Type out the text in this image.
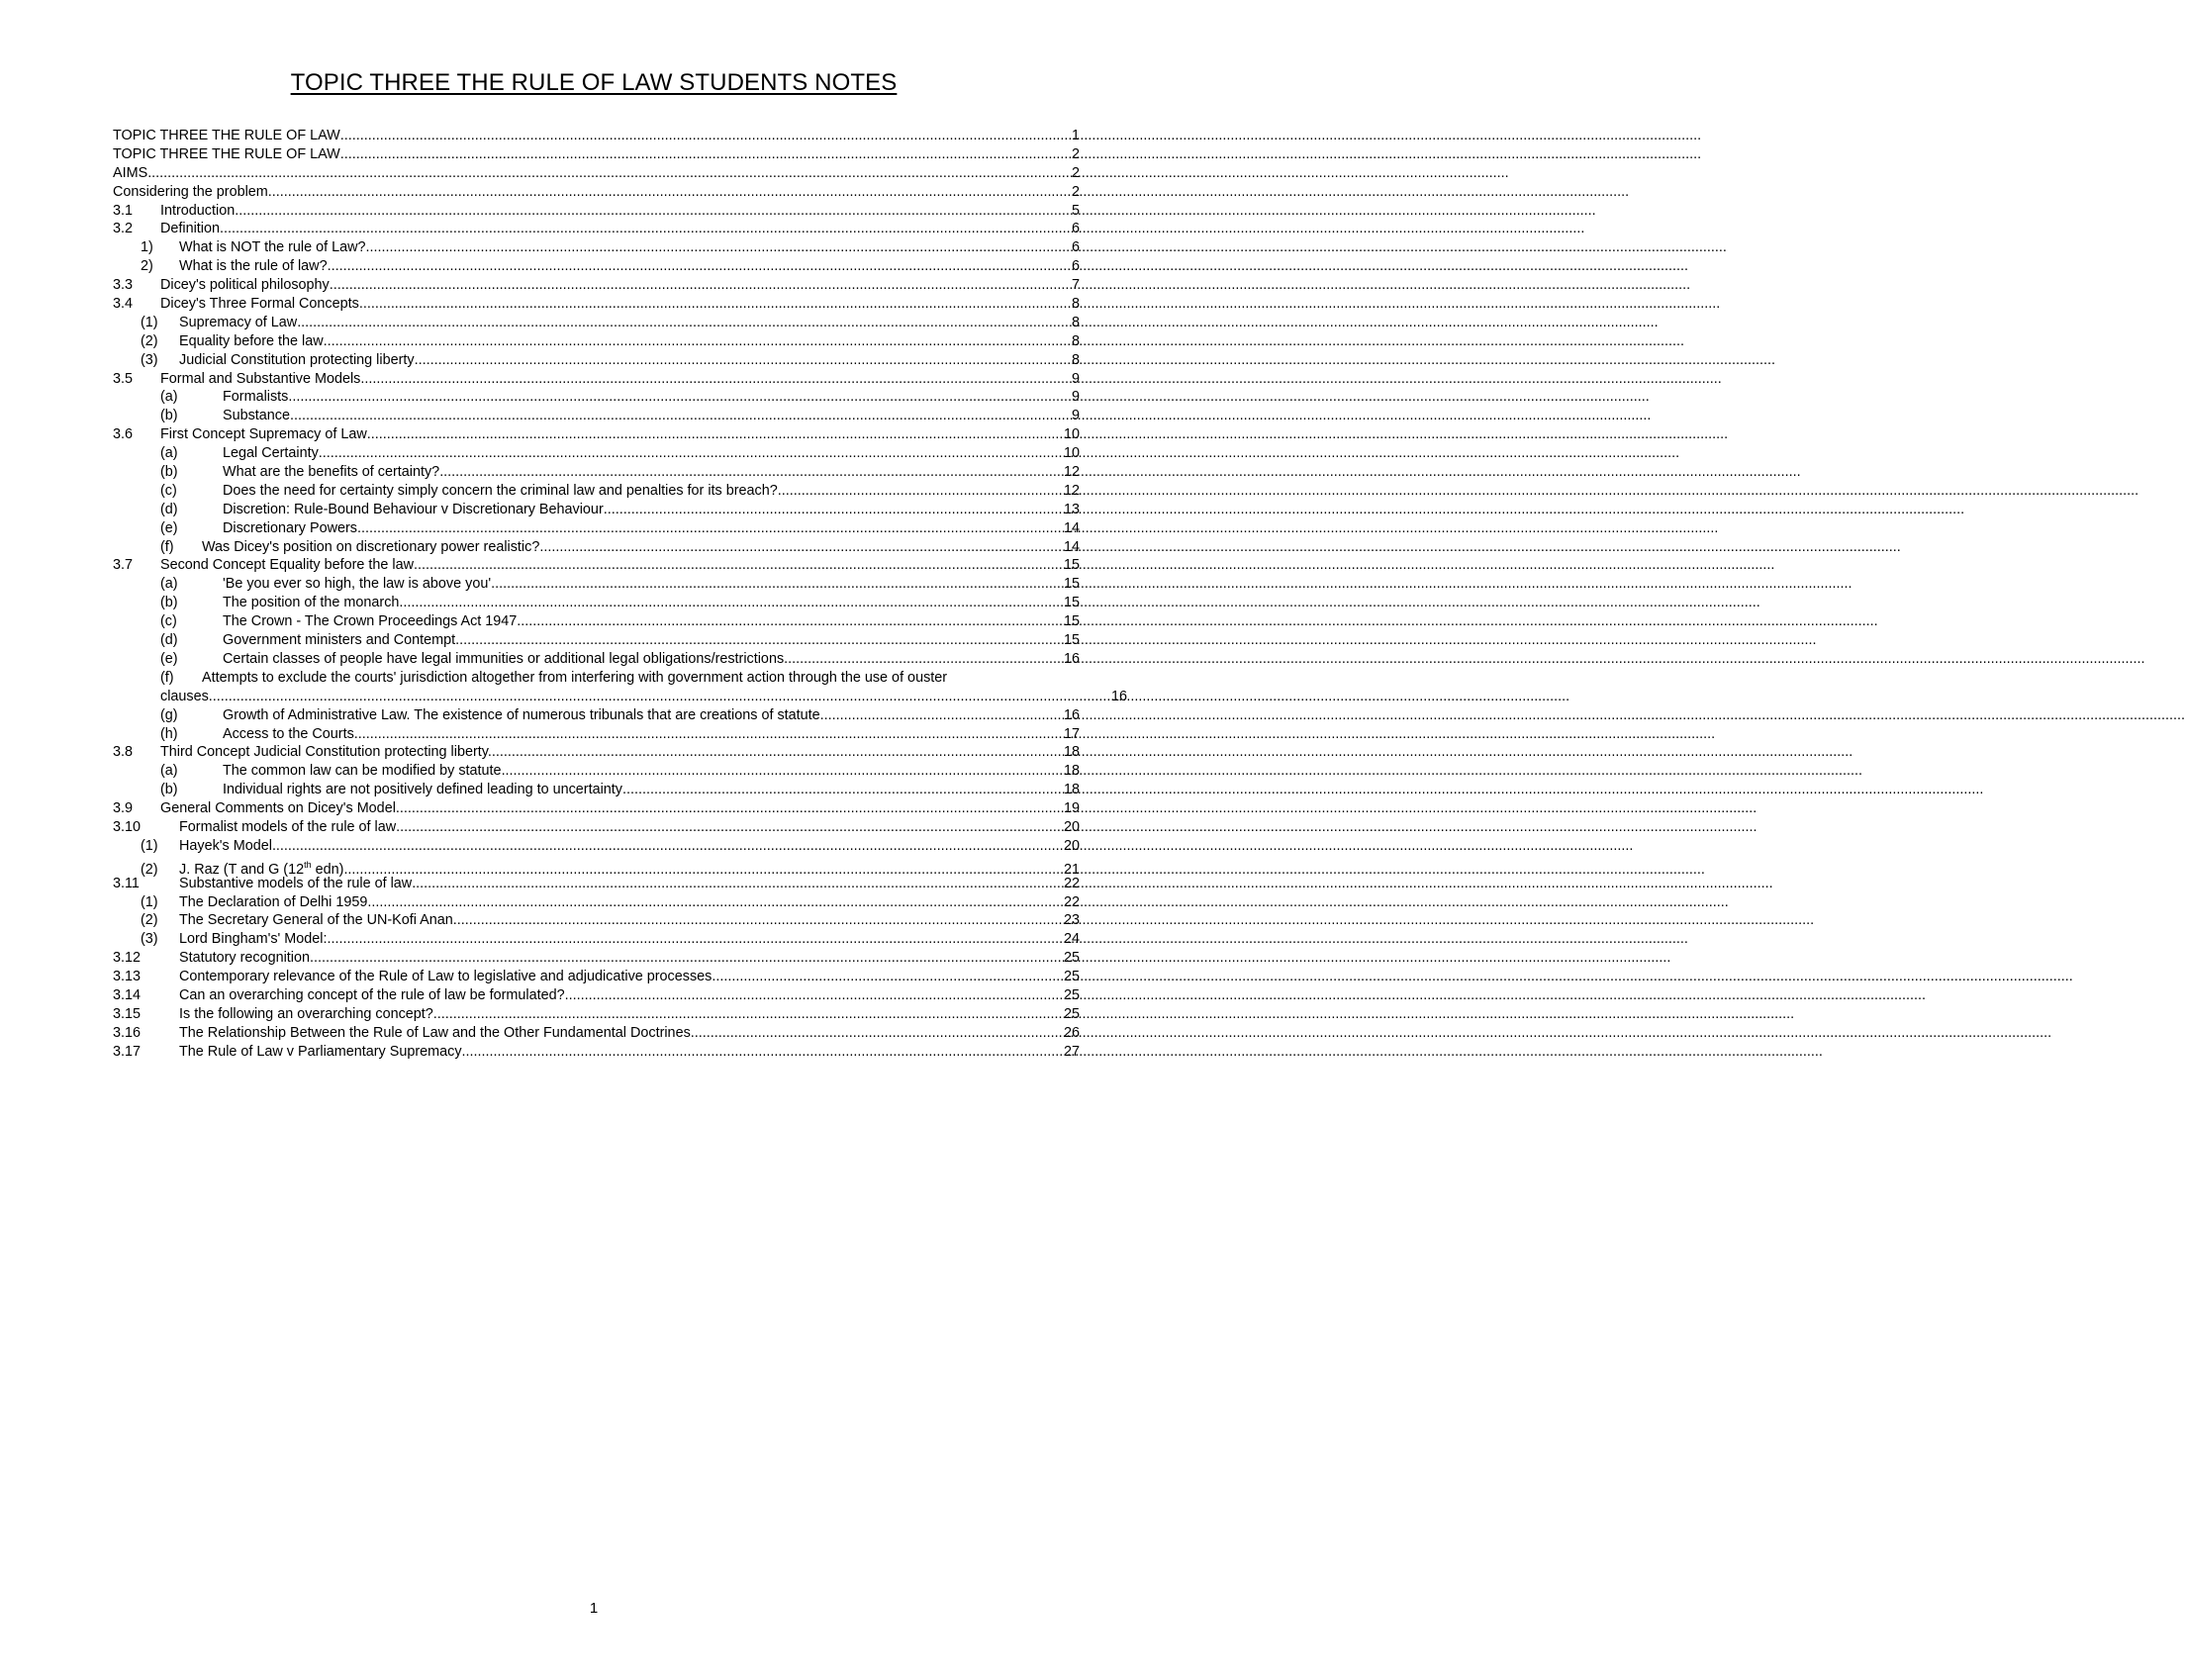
TOPIC THREE THE RULE OF LAW STUDENTS NOTES
TOPIC THREE THE RULE OF LAW .....	1
TOPIC THREE THE RULE OF LAW .....	2
AIMS .....	2
Considering the problem .....	2
3.1	Introduction .....	5
3.2	Definition. .....	6
1)	What is NOT the rule of Law? .....	6
2)	What is the rule of law? .....	6
3.3	Dicey's political philosophy .....	7
3.4	Dicey's Three Formal Concepts .....	8
(1)	Supremacy of Law .....	8
(2)	Equality before the law .....	8
(3)	Judicial Constitution protecting liberty .....	8
3.5	Formal and Substantive Models .....	9
(a)	Formalists .....	9
(b)	Substance .....	9
3.6	First Concept Supremacy of Law .....	10
(a)	Legal Certainty .....	10
(b)	What are the benefits of certainty? .....	12
(c)	Does the need for certainty simply concern the criminal law and penalties for its breach? .....	12
(d)	Discretion: Rule-Bound Behaviour v Discretionary Behaviour .....	13
(e)	Discretionary Powers .....	14
(f)	Was Dicey's position on discretionary power realistic? .....	14
3.7	Second Concept Equality before the law .....	15
(a)	'Be you ever so high, the law is above you' .....	15
(b)	The position of the monarch .....	15
(c)	The Crown - The Crown Proceedings Act 1947 .....	15
(d)	Government ministers and Contempt .....	15
(e)	Certain classes of people have legal immunities or additional legal obligations/restrictions .....	16
(f)	Attempts to exclude the courts' jurisdiction altogether from interfering with government action through the use of ouster
clauses .....	16
(g)	Growth of Administrative Law. The existence of numerous tribunals that are creations of statute. .....	16
(h)	Access to the Courts .....	17
3.8	Third Concept Judicial Constitution protecting liberty. .....	18
(a)	The common law can be modified by statute .....	18
(b)	Individual rights are not positively defined leading to uncertainty .....	18
3.9	General Comments on Dicey's Model .....	19
3.10	Formalist models of the rule of law .....	20
(1)	Hayek's Model .....	20
(2)	J. Raz (T and G (12th edn) .....	21
3.11	Substantive models of the rule of law .....	22
(1)	The Declaration of Delhi 1959 .....	22
(2)	The Secretary General of the UN-Kofi Anan .....	23
(3)	Lord Bingham's' Model: .....	24
3.12	Statutory recognition .....	25
3.13	Contemporary relevance of the Rule of Law to legislative and adjudicative processes .....	25
3.14	Can an overarching concept of the rule of law be formulated? .....	25
3.15	Is the following an overarching concept? .....	25
3.16	The Relationship Between the Rule of Law and the Other Fundamental Doctrines .....	26
3.17	The Rule of Law v Parliamentary Supremacy .....	27
1
